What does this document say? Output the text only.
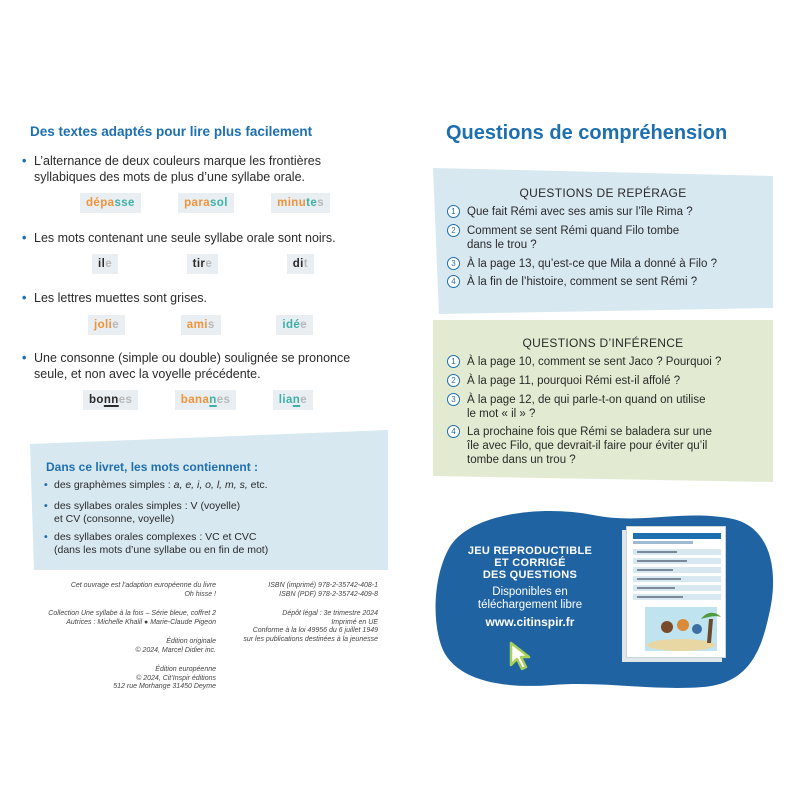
Des textes adaptés pour lire plus facilement
• L’alternance de deux couleurs marque les frontières syllabiques des mots de plus d’une syllabe orale.
dépasse	parasol	minutes
• Les mots contenant une seule syllabe orale sont noirs.
ile	tire	dit
• Les lettres muettes sont grises.
jolie	amis	idée
• Une consonne (simple ou double) soulignée se prononce seule, et non avec la voyelle précédente.
bonnes	bananes	liane
Dans ce livret, les mots contiennent :
• des graphèmes simples : a, e, i, o, l, m, s, etc.
• des syllabes orales simples : V (voyelle)
et CV (consonne, voyelle)
• des syllabes orales complexes : VC et CVC
(dans les mots d’une syllabe ou en fin de mot)
Cet ouvrage est l’adaption européenne du livre
Oh hisse !
Collection Une syllabe à la fois – Série bleue, coffret 2
Autrices : Michelle Khalil ● Marie-Claude Pigeon
Édition originale
© 2024, Marcel Didier inc.
Édition européenne
© 2024, Cit’Inspir éditions
512 rue Morhange 31450 Deyme
ISBN (imprimé) 978-2-35742-408-1
ISBN (PDF) 978-2-35742-409-8
Dépôt légal : 3e trimestre 2024
Imprimé en UE
Conforme à la loi 49956 du 6 juillet 1949
sur les publications destinées à la jeunesse
Questions de compréhension
QUESTIONS DE REPÉRAGE
1 Que fait Rémi avec ses amis sur l’île Rima ?
2 Comment se sent Rémi quand Filo tombe
dans le trou ?
3 À la page 13, qu’est-ce que Mila a donné à Filo ?
4 À la fin de l’histoire, comment se sent Rémi ?
QUESTIONS D’INFÉRENCE
1 À la page 10, comment se sent Jaco ? Pourquoi ?
2 À la page 11, pourquoi Rémi est-il affolé ?
3 À la page 12, de qui parle-t-on quand on utilise
le mot « il » ?
4 La prochaine fois que Rémi se baladera sur une
île avec Filo, que devrait-il faire pour éviter qu’il
tombe dans un trou ?
JEU REPRODUCTIBLE
ET CORRIGÉ
DES QUESTIONS
Disponibles en
téléchargement libre
www.citinspir.fr
